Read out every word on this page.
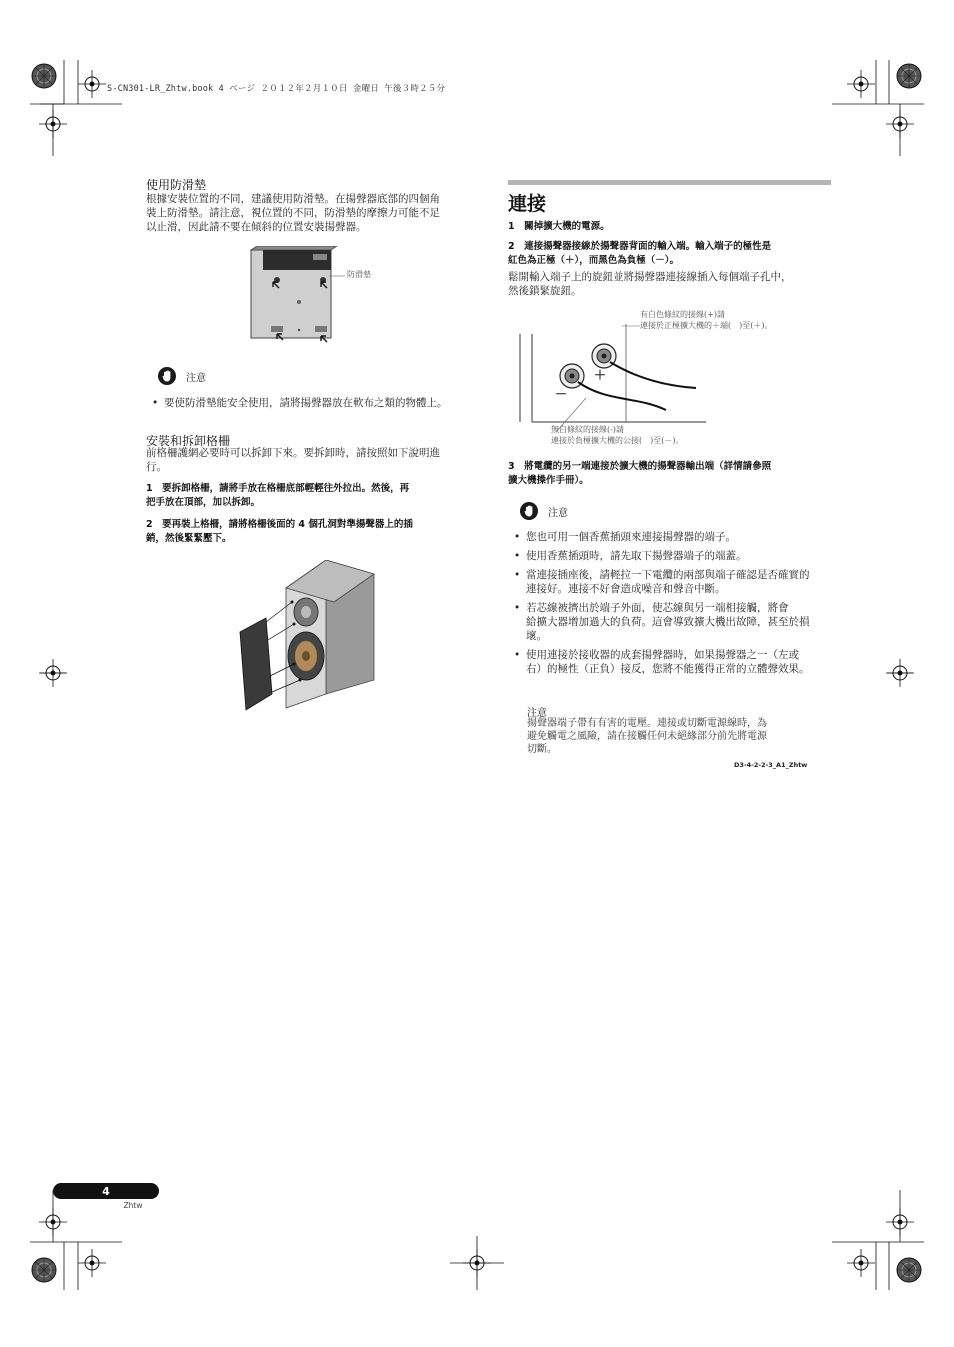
S-CN301-LR_Zhtw.book 4 ページ ２０１２年２月１０日 金曜日 午後３時２５分
使用防滑墊
根據安裝位置的不同，建議使用防滑墊。在揚聲器底部的四個角
裝上防滑墊。請注意，視位置的不同，防滑墊的摩擦力可能不足
以止滑，因此請不要在傾斜的位置安裝揚聲器。
防滑墊
注意
• 要使防滑墊能安全使用，請將揚聲器放在軟布之類的物體上。
安裝和拆卸格柵
前格柵護網必要時可以拆卸下來。要拆卸時，請按照如下說明進
行。
1　要拆卸格柵，請將手放在格柵底部輕輕往外拉出。然後，再
把手放在頂部，加以拆卸。
2　要再裝上格柵，請將格柵後面的 4 個孔洞對準揚聲器上的插
銷，然後緊緊壓下。
連接
1　關掉擴大機的電源。
2　連接揚聲器接線於揚聲器背面的輸入端。輸入端子的極性是
紅色為正極（＋），而黑色為負極（－）。
鬆開輸入端子上的旋鈕並將揚聲器連接線插入每個端子孔中，
然後鎖緊旋鈕。
＋
－
有白色條紋的接線(+)請
連接於正極擴大機的＋端(　)至(＋)。
無白條紋的接線(-)請
連接於負極擴大機的公接(　)至(－)。
3　將電纜的另一端連接於擴大機的揚聲器輸出端（詳情請參照
擴大機操作手冊）。
注意
• 您也可用一個香蕉插頭來連接揚聲器的端子。
• 使用香蕉插頭時，請先取下揚聲器端子的端蓋。
• 當連接插座後，請輕拉一下電纜的兩部與端子確認是否確實的
連接好。連接不好會造成噪音和聲音中斷。
• 若芯線被擠出於端子外面，使芯線與另一端相接觸，將會
給擴大器增加過大的負荷。這會導致擴大機出故障，甚至於損
壞。
• 使用連接於接收器的成套揚聲器時，如果揚聲器之一（左或
右）的極性（正負）接反，您將不能獲得正常的立體聲效果。
注意
揚聲器端子帶有有害的電壓。連接或切斷電源線時，為
避免觸電之風險，請在接觸任何未絕緣部分前先將電源
切斷。
D3-4-2-2-3_A1_Zhtw
4
Zhtw
